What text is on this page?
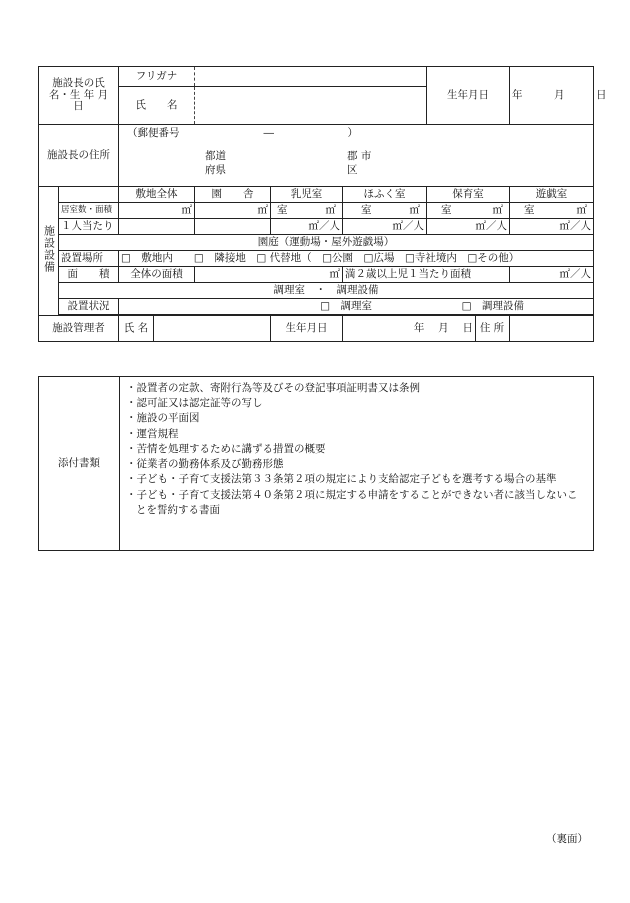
施設長の氏名・生 年 月 日		フリガナ				生年月日	年　　　月　　　日
		氏　　名					
施設長の住所		（郵便番号　　　　　　　　―　　　　　　　）
都道
府県
郡 市
区					

施設設備		敷地全体	園　　舎	乳児室	ほふく室	保育室	遊戯室
	居室数・面積	㎡	㎡	室 ㎡	室 ㎡	室 ㎡	室 ㎡

	１人当たり			㎡／人	㎡／人	㎡／人	㎡／人
	園庭（運動場・屋外遊戯場）						
	設置場所	□　敷地内　　□　隣接地　□ 代替地（　□公園　□広場　□寺社境内　□その他）					
	面　　積	全体の面積	㎡		満２歳以上児１当たり面積		㎡／人
	調理室　・　調理設備						
	設置状況	□　調理室 □　調理設備					

施設管理者		氏 名		生年月日	年　 月　 日 住 所		
添付書類	
・設置者の定款、寄附行為等及びその登記事項証明書又は条例
・認可証又は認定証等の写し
・施設の平面図
・運営規程
・苦情を処理するために講ずる措置の概要
・従業者の勤務体系及び勤務形態
・子ども・子育て支援法第３３条第２項の規定により支給認定子どもを選考する場合の基準
・子ども・子育て支援法第４０条第２項に規定する申請をすることができない者に該当しないことを誓約する書面
（裏面）
